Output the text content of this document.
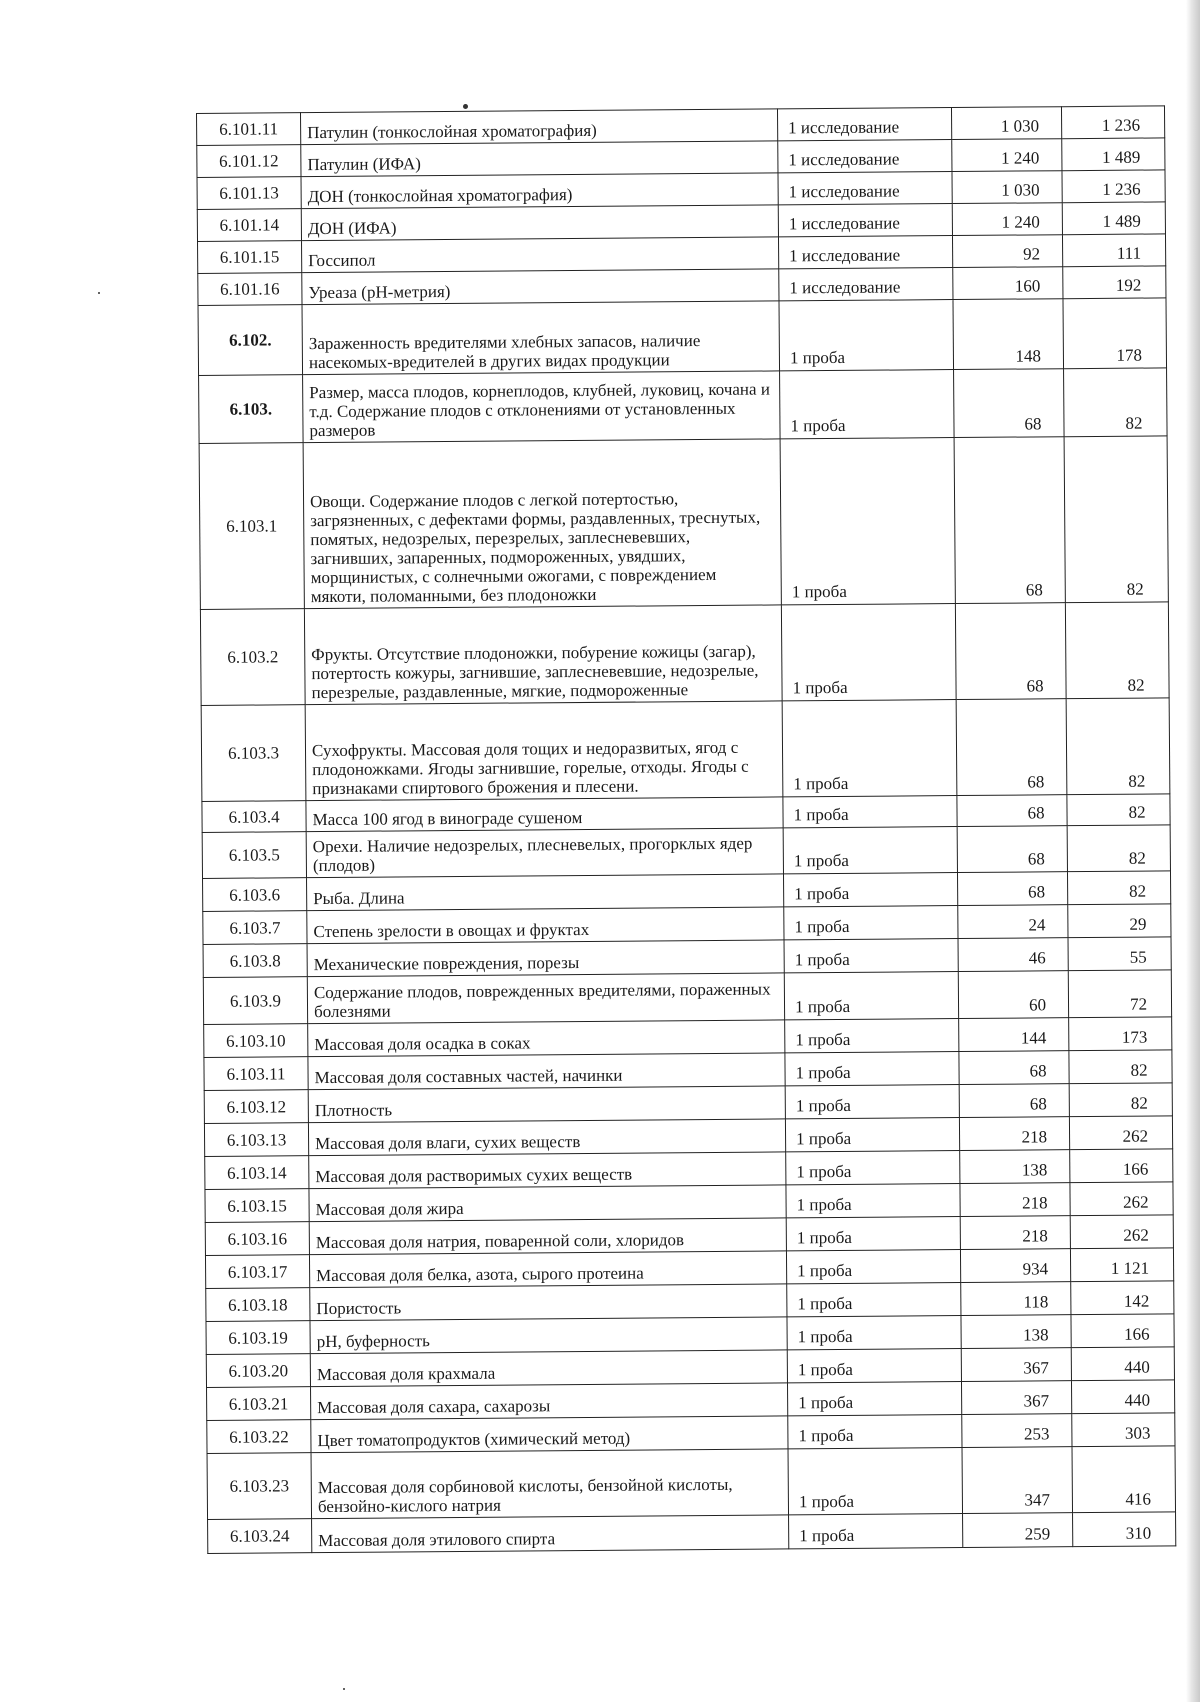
6.101.11	Патулин (тонкослойная хроматография)	1 исследование	1 030	1 236
6.101.12	Патулин (ИФА)	1 исследование	1 240	1 489
6.101.13	ДОН (тонкослойная хроматография)	1 исследование	1 030	1 236
6.101.14	ДОН (ИФА)	1 исследование	1 240	1 489
6.101.15	Госсипол	1 исследование	92	111
6.101.16	Уреаза (рН-метрия)	1 исследование	160	192
6.102.	Зараженность вредителями хлебных запасов, наличие насекомых-вредителей в других видах продукции	1 проба	148	178
6.103.	Размер, масса плодов, корнеплодов, клубней, луковиц, кочана и т.д. Содержание плодов с отклонениями от установленных размеров	1 проба	68	82
6.103.1	Овощи. Содержание плодов с легкой потертостью, загрязненных, с дефектами формы, раздавленных, треснутых, помятых, недозрелых, перезрелых, заплесневевших, загнивших, запаренных, подмороженных, увядших, морщинистых, с солнечными ожогами, с повреждением мякоти, поломанными, без плодоножки	1 проба	68	82
6.103.2	Фрукты. Отсутствие плодоножки, побурение кожицы (загар), потертость кожуры, загнившие, заплесневевшие, недозрелые, перезрелые, раздавленные, мягкие, подмороженные	1 проба	68	82
6.103.3	Сухофрукты. Массовая доля тощих и недоразвитых, ягод с плодоножками. Ягоды загнившие, горелые, отходы. Ягоды с признаками спиртового брожения и плесени.	1 проба	68	82
6.103.4	Масса 100 ягод в винограде сушеном	1 проба	68	82
6.103.5	Орехи. Наличие недозрелых, плесневелых, прогорклых ядер (плодов)	1 проба	68	82
6.103.6	Рыба. Длина	1 проба	68	82
6.103.7	Степень зрелости в овощах и фруктах	1 проба	24	29
6.103.8	Механические повреждения, порезы	1 проба	46	55
6.103.9	Содержание плодов, поврежденных вредителями, пораженных болезнями	1 проба	60	72
6.103.10	Массовая доля осадка в соках	1 проба	144	173
6.103.11	Массовая доля составных частей, начинки	1 проба	68	82
6.103.12	Плотность	1 проба	68	82
6.103.13	Массовая доля влаги, сухих веществ	1 проба	218	262
6.103.14	Массовая доля растворимых сухих веществ	1 проба	138	166
6.103.15	Массовая доля жира	1 проба	218	262
6.103.16	Массовая доля натрия, поваренной соли, хлоридов	1 проба	218	262
6.103.17	Массовая доля белка, азота, сырого протеина	1 проба	934	1 121
6.103.18	Пористость	1 проба	118	142
6.103.19	рН, буферность	1 проба	138	166
6.103.20	Массовая доля крахмала	1 проба	367	440
6.103.21	Массовая доля сахара, сахарозы	1 проба	367	440
6.103.22	Цвет томатопродуктов (химический метод)	1 проба	253	303
6.103.23	Массовая доля сорбиновой кислоты, бензойной кислоты, бензойно-кислого натрия	1 проба	347	416
6.103.24	Массовая доля этилового спирта	1 проба	259	310
